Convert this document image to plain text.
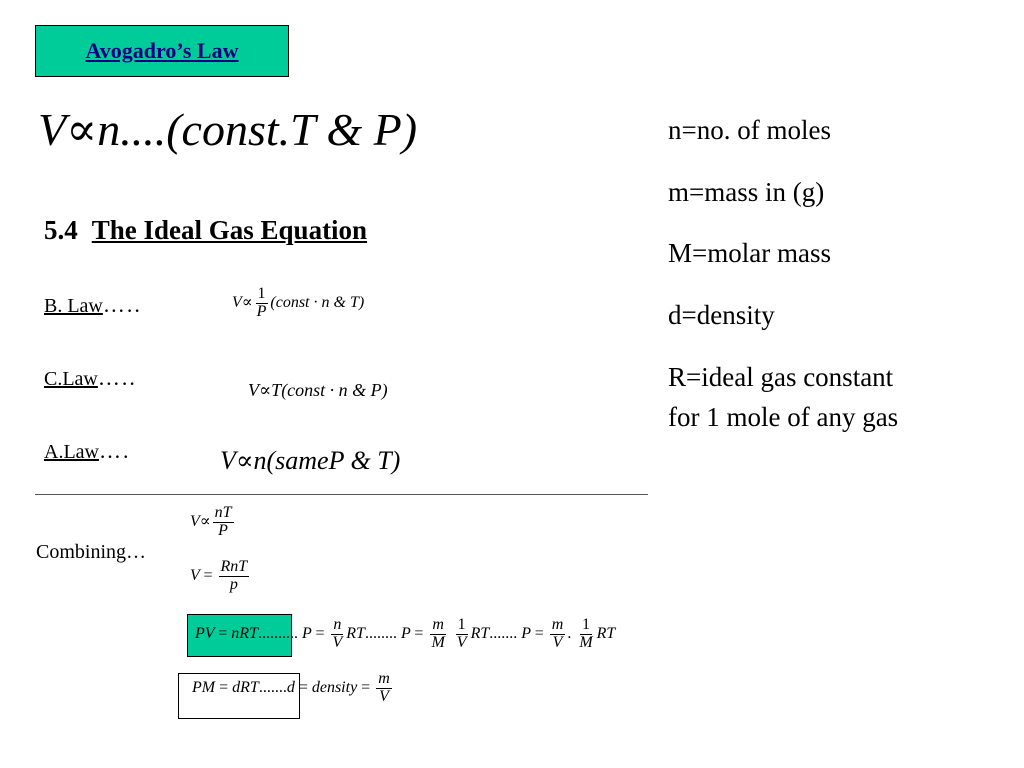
Avogadro’s Law
V∝n....(const.T & P)
5.4 The Ideal Gas Equation
B. Law…..	$V\propto \frac{1}{P}$ (const · n & T)
C.Law…..	V∝T(const · n & P)
A.Law….	V∝n(sameP & T)
n=no. of moles
m=mass in (g)
M=molar mass
d=density
R=ideal gas constant
for 1 mole of any gas
Combining…
$V\propto \frac{nT}{P}$
$V = \frac{\text{RnT}}{p}$
PV = nRT.......... $P = \frac{n}{V}$ RT........ $P = \frac{m}{M}$
$\frac{1}{V}$ RT....... $P = \frac{m}{V}$ . $\frac{1}{M}$ RT
PM = dRT.......d = density = $\frac{m}{V}$
